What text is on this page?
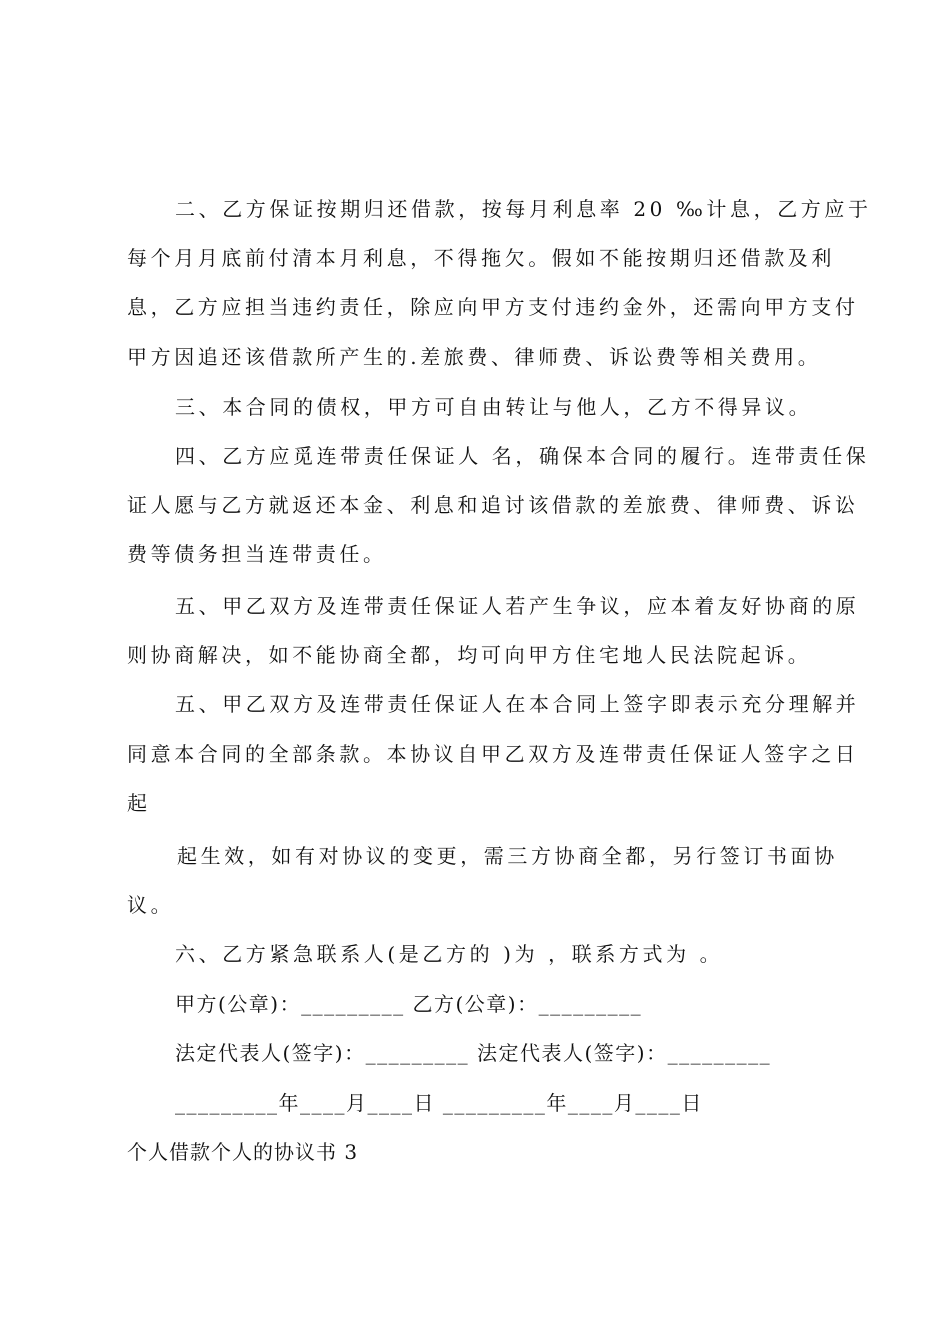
二、乙方保证按期归还借款，按每月利息率 20 ‰计息，乙方应于
每个月月底前付清本月利息，不得拖欠。假如不能按期归还借款及利
息，乙方应担当违约责任，除应向甲方支付违约金外，还需向甲方支付
甲方因追还该借款所产生的.差旅费、律师费、诉讼费等相关费用。
三、本合同的债权，甲方可自由转让与他人，乙方不得异议。
四、乙方应觅连带责任保证人 名，确保本合同的履行。连带责任保
证人愿与乙方就返还本金、利息和追讨该借款的差旅费、律师费、诉讼
费等债务担当连带责任。
五、甲乙双方及连带责任保证人若产生争议，应本着友好协商的原
则协商解决，如不能协商全都，均可向甲方住宅地人民法院起诉。
五、甲乙双方及连带责任保证人在本合同上签字即表示充分理解并
同意本合同的全部条款。本协议自甲乙双方及连带责任保证人签字之日
起
起生效，如有对协议的变更，需三方协商全都，另行签订书面协
议。
六、乙方紧急联系人(是乙方的 )为 ，联系方式为 。
甲方(公章)：_________ 乙方(公章)：_________
法定代表人(签字)：_________ 法定代表人(签字)：_________
_________年____月____日 _________年____月____日
个人借款个人的协议书 3
